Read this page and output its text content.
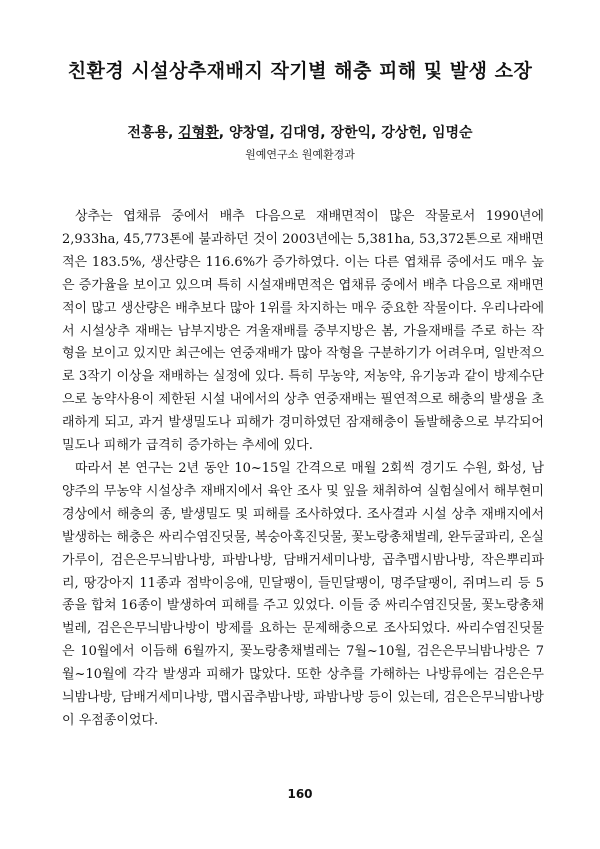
친환경 시설상추재배지 작기별 해충 피해 및 발생 소장
전흥용, 김형환, 양창열, 김대영, 장한익, 강상헌, 임명순
원예연구소 원예환경과

상추는 엽채류 중에서 배추 다음으로 재배면적이 많은 작물로서 1990년에 2,933ha, 45,773톤에 불과하던 것이 2003년에는 5,381ha, 53,372톤으로 재배면적은 183.5%, 생산량은 116.6%가 증가하였다. 이는 다른 엽채류 중에서도 매우 높은 증가율을 보이고 있으며 특히 시설재배면적은 엽채류 중에서 배추 다음으로 재배면적이 많고 생산량은 배추보다 많아 1위를 차지하는 매우 중요한 작물이다. 우리나라에서 시설상추 재배는 남부지방은 겨울재배를 중부지방은 봄, 가을재배를 주로 하는 작형을 보이고 있지만 최근에는 연중재배가 많아 작형을 구분하기가 어려우며, 일반적으로 3작기 이상을 재배하는 실정에 있다. 특히 무농약, 저농약, 유기농과 같이 방제수단으로 농약사용이 제한된 시설 내에서의 상추 연중재배는 필연적으로 해충의 발생을 초래하게 되고, 과거 발생밀도나 피해가 경미하였던 잠재해충이 돌발해충으로 부각되어 밀도나 피해가 급격히 증가하는 추세에 있다.

따라서 본 연구는 2년 동안 10~15일 간격으로 매월 2회씩 경기도 수원, 화성, 남양주의 무농약 시설상추 재배지에서 육안 조사 및 잎을 채취하여 실험실에서 해부현미경상에서 해충의 종, 발생밀도 및 피해를 조사하였다. 조사결과 시설 상추 재배지에서 발생하는 해충은 싸리수염진딧물, 복숭아혹진딧물, 꽃노랑총채벌레, 완두굴파리, 온실가루이, 검은은무늬밤나방, 파밤나방, 담배거세미나방, 곱추맵시밤나방, 작은뿌리파리, 땅강아지 11종과 점박이응애, 민달팽이, 들민달팽이, 명주달팽이, 쥐며느리 등 5종을 합쳐 16종이 발생하여 피해를 주고 있었다. 이들 중 싸리수염진딧물, 꽃노랑총채벌레, 검은은무늬밤나방이 방제를 요하는 문제해충으로 조사되었다. 싸리수염진딧물은 10월에서 이듬해 6월까지, 꽃노랑총채벌레는 7월~10월, 검은은무늬밤나방은 7월~10월에 각각 발생과 피해가 많았다. 또한 상추를 가해하는 나방류에는 검은은무늬밤나방, 담배거세미나방, 맵시곱추밤나방, 파밤나방 등이 있는데, 검은은무늬밤나방이 우점종이었다.

160
